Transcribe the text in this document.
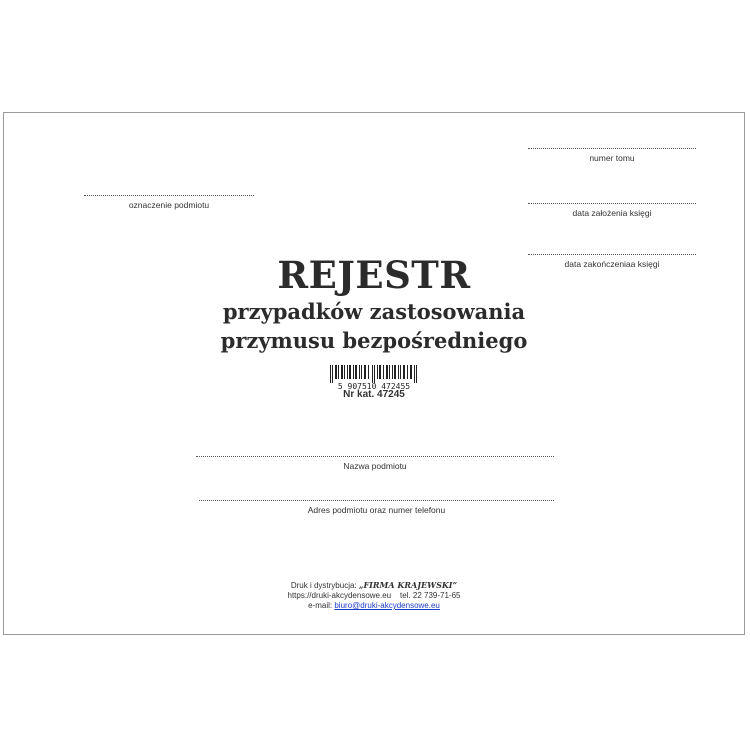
numer tomu
oznaczenie podmiotu
data założenia księgi
data zakończeniaa księgi
REJESTR
przypadków zastosowania
przymusu bezpośredniego
5 907510 472455
Nr kat. 47245
Nazwa podmiotu
Adres podmiotu oraz numer telefonu
Druk i dystrybucja: „FIRMA KRAJEWSKI”
https://druki-akcydensowe.eu tel. 22 739-71-65
e-mail: biuro@druki-akcydensowe.eu
